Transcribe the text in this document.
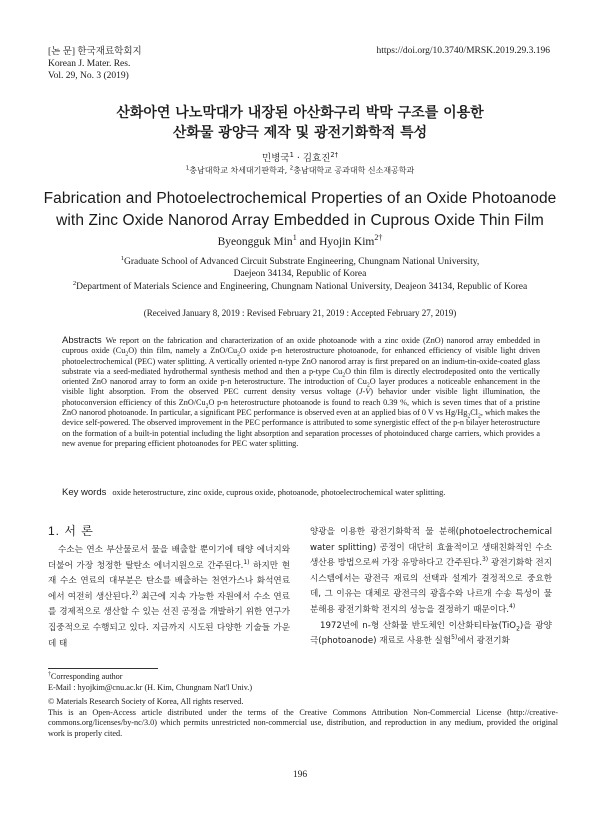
[논 문] 한국재료학회지
Korean J. Mater. Res.
Vol. 29, No. 3 (2019)
https://doi.org/10.3740/MRSK.2019.29.3.196
산화아연 나노막대가 내장된 아산화구리 박막 구조를 이용한
산화물 광양극 제작 및 광전기화학적 특성
민병국$^1$ · 김효진$^{2\dagger}$
$^1$충남대학교 차세대기판학과, $^2$충남대학교 공과대학 신소재공학과
Fabrication and Photoelectrochemical Properties of an Oxide Photoanode
with Zinc Oxide Nanorod Array Embedded in Cuprous Oxide Thin Film
Byeongguk Min$^1$ and Hyojin Kim$^{2\dagger}$
$^1$Graduate School of Advanced Circuit Substrate Engineering, Chungnam National University,
Daejeon 34134, Republic of Korea
$^2$Department of Materials Science and Engineering, Chungnam National University, Deajeon 34134, Republic of Korea
(Received January 8, 2019 : Revised February 21, 2019 : Accepted February 27, 2019)
Abstracts We report on the fabrication and characterization of an oxide photoanode with a zinc oxide (ZnO) nanorod array embedded in cuprous oxide $(Cu_2O)$ thin film, namely a ZnO/$Cu_2O$ oxide p-n heterostructure photoanode, for enhanced efficiency of visible light driven photoelectrochemical (PEC) water splitting. A vertically oriented n-type ZnO nanorod array is first prepared on an indium-tin-oxide-coated glass substrate via a seed-mediated hydrothermal synthesis method and then a p-type $Cu_2O$ thin film is directly electrodeposited onto the vertically oriented ZnO nanorod array to form an oxide p-n heterostructure. The introduction of $Cu_2O$ layer produces a noticeable enhancement in the visible light absorption. From the observed PEC current density versus voltage (J-V) behavior under visible light illumination, the photoconversion efficiency of this ZnO/$Cu_2O$ p-n heterostructure photoanode is found to reach 0.39 %, which is seven times that of a pristine ZnO nanorod photoanode. In particular, a significant PEC performance is observed even at an applied bias of 0 V vs $Hg/Hg_2Cl_2$, which makes the device self-powered. The observed improvement in the PEC performance is attributed to some synergistic effect of the p-n bilayer heterostructure on the formation of a built-in potential including the light absorption and separation processes of photoinduced charge carriers, which provides a new avenue for preparing efficient photoanodes for PEC water splitting.
Key words oxide heterostructure, zinc oxide, cuprous oxide, photoanode, photoelectrochemical water splitting.
1. 서 론

수소는 연소 부산물로서 물을 배출할 뿐이기에 태양 에너지와 더불어 가장 청정한 탈탄소 에너지원으로 간주된다.$^{1)}$ 하지만 현재 수소 연료의 대부분은 탄소를 배출하는 천연가스나 화석연료에서 여전히 생산된다.$^{2)}$ 최근에 지속 가능한 자원에서 수소 연료를 경제적으로 생산할 수 있는 선진 공정을 개발하기 위한 연구가 집중적으로 수행되고 있다. 지금까지 시도된 다양한 기술들 가운데 태

양광을 이용한 광전기화학적 물 분해(photoelectrochemical water splitting) 공정이 대단히 효율적이고 생태친화적인 수소 생산용 방법으로써 가장 유망하다고 간주된다.$^{3)}$ 광전기화학 전지 시스템에서는 광전극 재료의 선택과 설계가 결정적으로 중요한데, 그 이유는 대체로 광전극의 광흡수와 나르개 수송 특성이 물 분해용 광전기화학 전지의 성능을 결정하기 때문이다.$^{4)}$

1972년에 n-형 산화물 반도체인 이산화티타늄(TiO$_2$)을 광양극(photoanode) 재료로 사용한 실험$^{5)}$에서 광전기화

†Corresponding author
E-Mail : hyojkim@cnu.ac.kr (H. Kim, Chungnam Nat'l Univ.)
© Materials Research Society of Korea, All rights reserved.
This is an Open-Access article distributed under the terms of the Creative Commons Attribution Non-Commercial License (http://creative-commons.org/licenses/by-nc/3.0) which permits unrestricted non-commercial use, distribution, and reproduction in any medium, provided the original work is properly cited.
196
